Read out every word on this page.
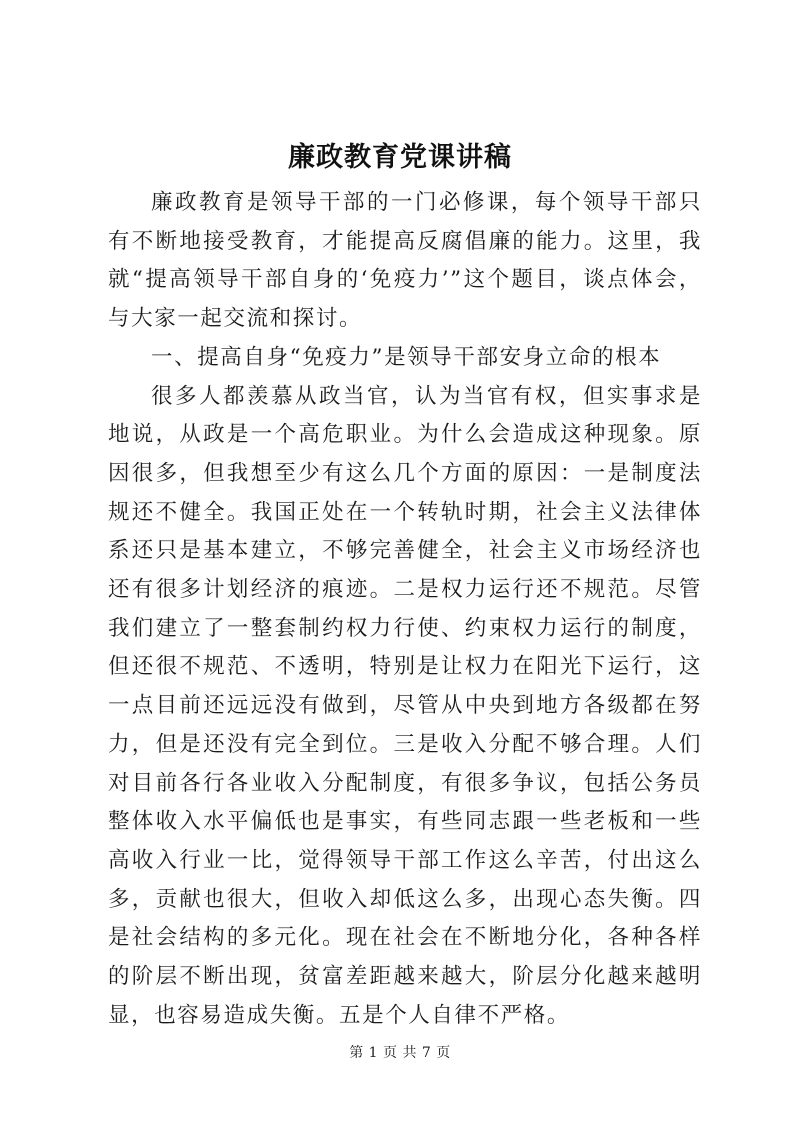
廉政教育党课讲稿

廉政教育是领导干部的一门必修课，每个领导干部只有不断地接受教育，才能提高反腐倡廉的能力。这里，我就“提高领导干部自身的‘免疫力’”这个题目，谈点体会，与大家一起交流和探讨。

一、提高自身“免疫力”是领导干部安身立命的根本

很多人都羡慕从政当官，认为当官有权，但实事求是地说，从政是一个高危职业。为什么会造成这种现象。原因很多，但我想至少有这么几个方面的原因：一是制度法规还不健全。我国正处在一个转轨时期，社会主义法律体系还只是基本建立，不够完善健全，社会主义市场经济也还有很多计划经济的痕迹。二是权力运行还不规范。尽管我们建立了一整套制约权力行使、约束权力运行的制度，但还很不规范、不透明，特别是让权力在阳光下运行，这一点目前还远远没有做到，尽管从中央到地方各级都在努力，但是还没有完全到位。三是收入分配不够合理。人们对目前各行各业收入分配制度，有很多争议，包括公务员整体收入水平偏低也是事实，有些同志跟一些老板和一些高收入行业一比，觉得领导干部工作这么辛苦，付出这么多，贡献也很大，但收入却低这么多，出现心态失衡。四是社会结构的多元化。现在社会在不断地分化，各种各样的阶层不断出现，贫富差距越来越大，阶层分化越来越明显，也容易造成失衡。五是个人自律不严格。

第 1 页 共 7 页
